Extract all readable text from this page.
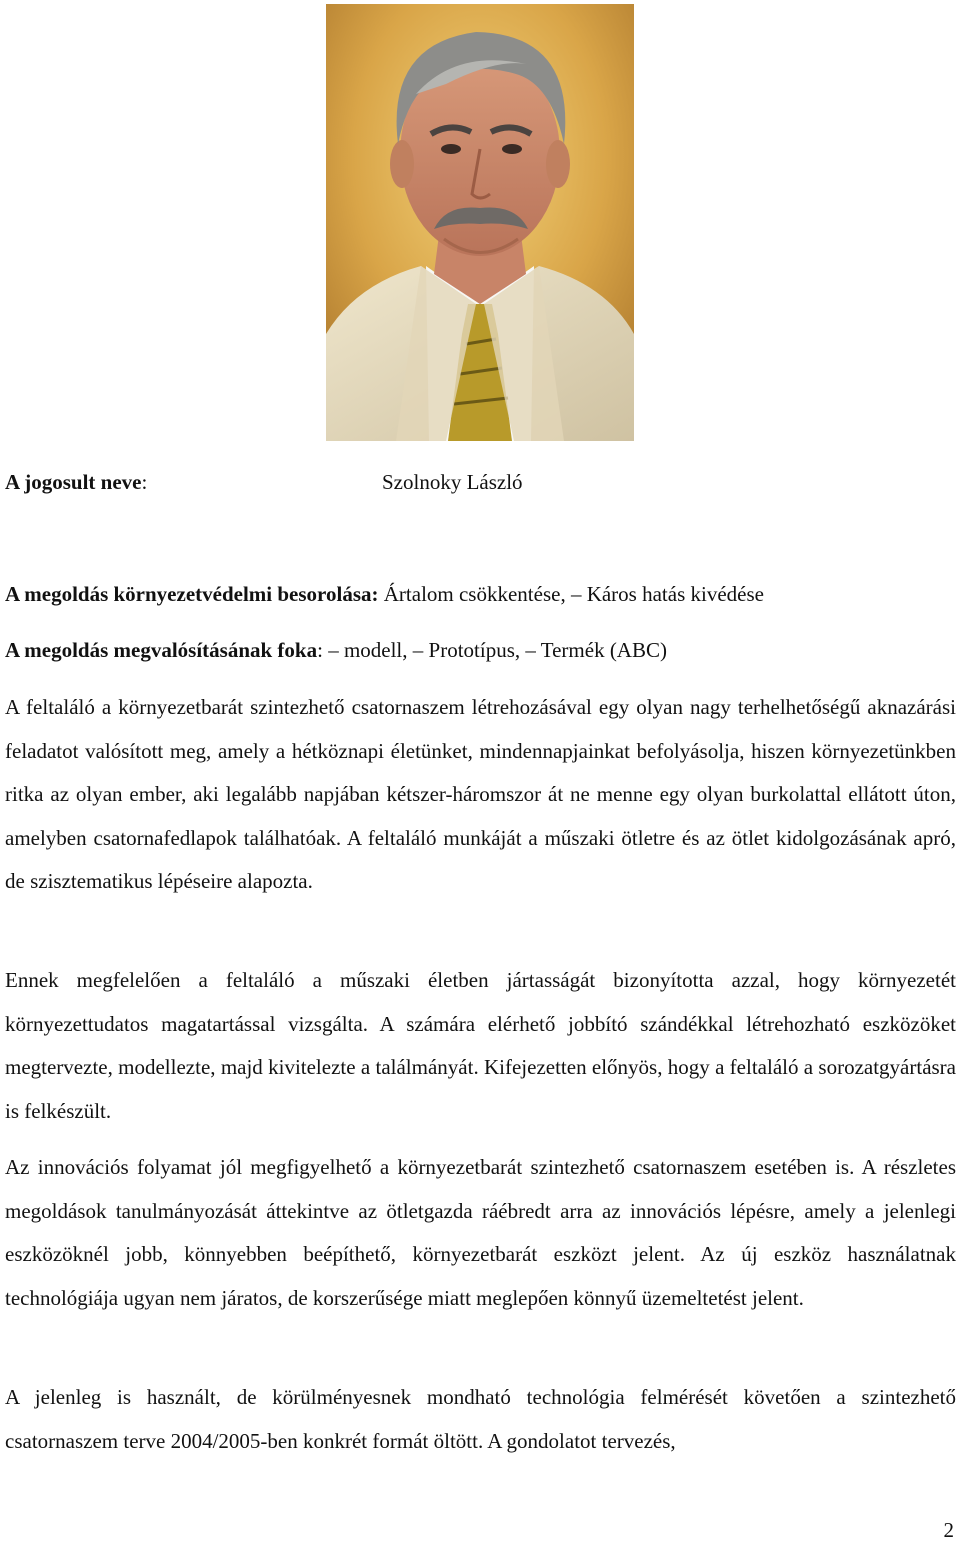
A jogosult neve:	Szolnoky László
A megoldás környezetvédelmi besorolása: Ártalom csökkentése, – Káros hatás kivédése
A megoldás megvalósításának foka: – modell, – Prototípus, – Termék (ABC)
A feltaláló a környezetbarát szintezhető csatornaszem létrehozásával egy olyan nagy terhelhetőségű aknazárási feladatot valósított meg, amely a hétköznapi életünket, mindennapjainkat befolyásolja, hiszen környezetünkben ritka az olyan ember, aki legalább napjában kétszer-háromszor át ne menne egy olyan burkolattal ellátott úton, amelyben csatornafedlapok találhatóak. A feltaláló munkáját a műszaki ötletre és az ötlet kidolgozásának apró, de szisztematikus lépéseire alapozta.
Ennek megfelelően a feltaláló a műszaki életben jártasságát bizonyította azzal, hogy környezetét környezettudatos magatartással vizsgálta. A számára elérhető jobbító szándékkal létrehozható eszközöket megtervezte, modellezte, majd kivitelezte a találmányát. Kifejezetten előnyös, hogy a feltaláló a sorozatgyártásra is felkészült.
Az innovációs folyamat jól megfigyelhető a környezetbarát szintezhető csatornaszem esetében is. A részletes megoldások tanulmányozását áttekintve az ötletgazda ráébredt arra az innovációs lépésre, amely a jelenlegi eszközöknél jobb, könnyebben beépíthető, környezetbarát eszközt jelent. Az új eszköz használatnak technológiája ugyan nem járatos, de korszerűsége miatt meglepően könnyű üzemeltetést jelent.
A jelenleg is használt, de körülményesnek mondható technológia felmérését követően a szintezhető csatornaszem terve 2004/2005-ben konkrét formát öltött. A gondolatot tervezés,
2
